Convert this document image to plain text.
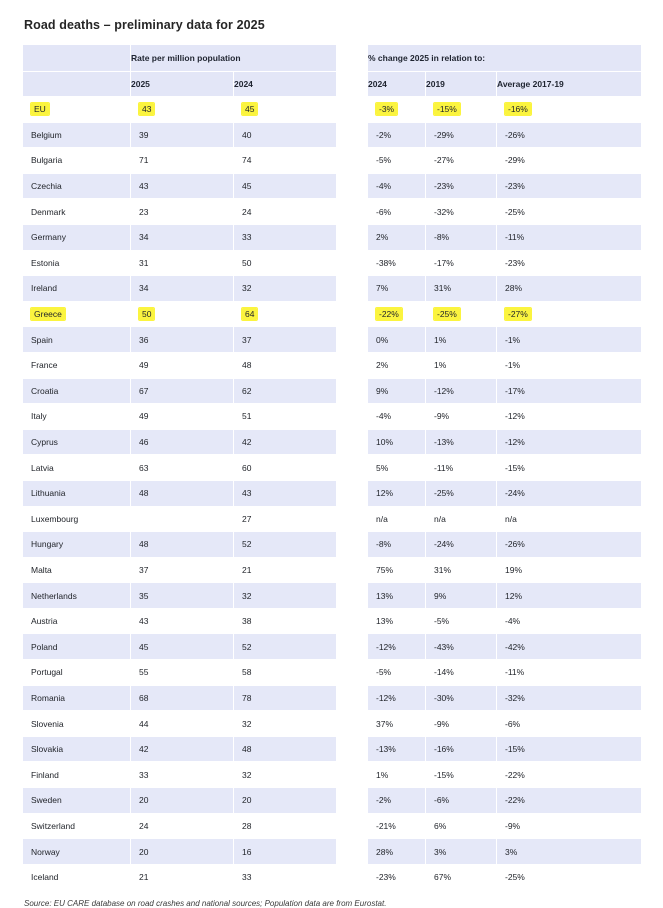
Road deaths – preliminary data for 2025
	Rate per million population			% change 2025 in relation to:		
	2025	2024		2024	2019	Average 2017-19
EU	43	45		-3%	-15%	-16%
Belgium	39	40		-2%	-29%	-26%
Bulgaria	71	74		-5%	-27%	-29%
Czechia	43	45		-4%	-23%	-23%
Denmark	23	24		-6%	-32%	-25%
Germany	34	33		2%	-8%	-11%
Estonia	31	50		-38%	-17%	-23%
Ireland	34	32		7%	31%	28%
Greece	50	64		-22%	-25%	-27%
Spain	36	37		0%	1%	-1%
France	49	48		2%	1%	-1%
Croatia	67	62		9%	-12%	-17%
Italy	49	51		-4%	-9%	-12%
Cyprus	46	42		10%	-13%	-12%
Latvia	63	60		5%	-11%	-15%
Lithuania	48	43		12%	-25%	-24%
Luxembourg		27		n/a	n/a	n/a
Hungary	48	52		-8%	-24%	-26%
Malta	37	21		75%	31%	19%
Netherlands	35	32		13%	9%	12%
Austria	43	38		13%	-5%	-4%
Poland	45	52		-12%	-43%	-42%
Portugal	55	58		-5%	-14%	-11%
Romania	68	78		-12%	-30%	-32%
Slovenia	44	32		37%	-9%	-6%
Slovakia	42	48		-13%	-16%	-15%
Finland	33	32		1%	-15%	-22%
Sweden	20	20		-2%	-6%	-22%
Switzerland	24	28		-21%	6%	-9%
Norway	20	16		28%	3%	3%
Iceland	21	33		-23%	67%	-25%
Source: EU CARE database on road crashes and national sources; Population data are from Eurostat.
